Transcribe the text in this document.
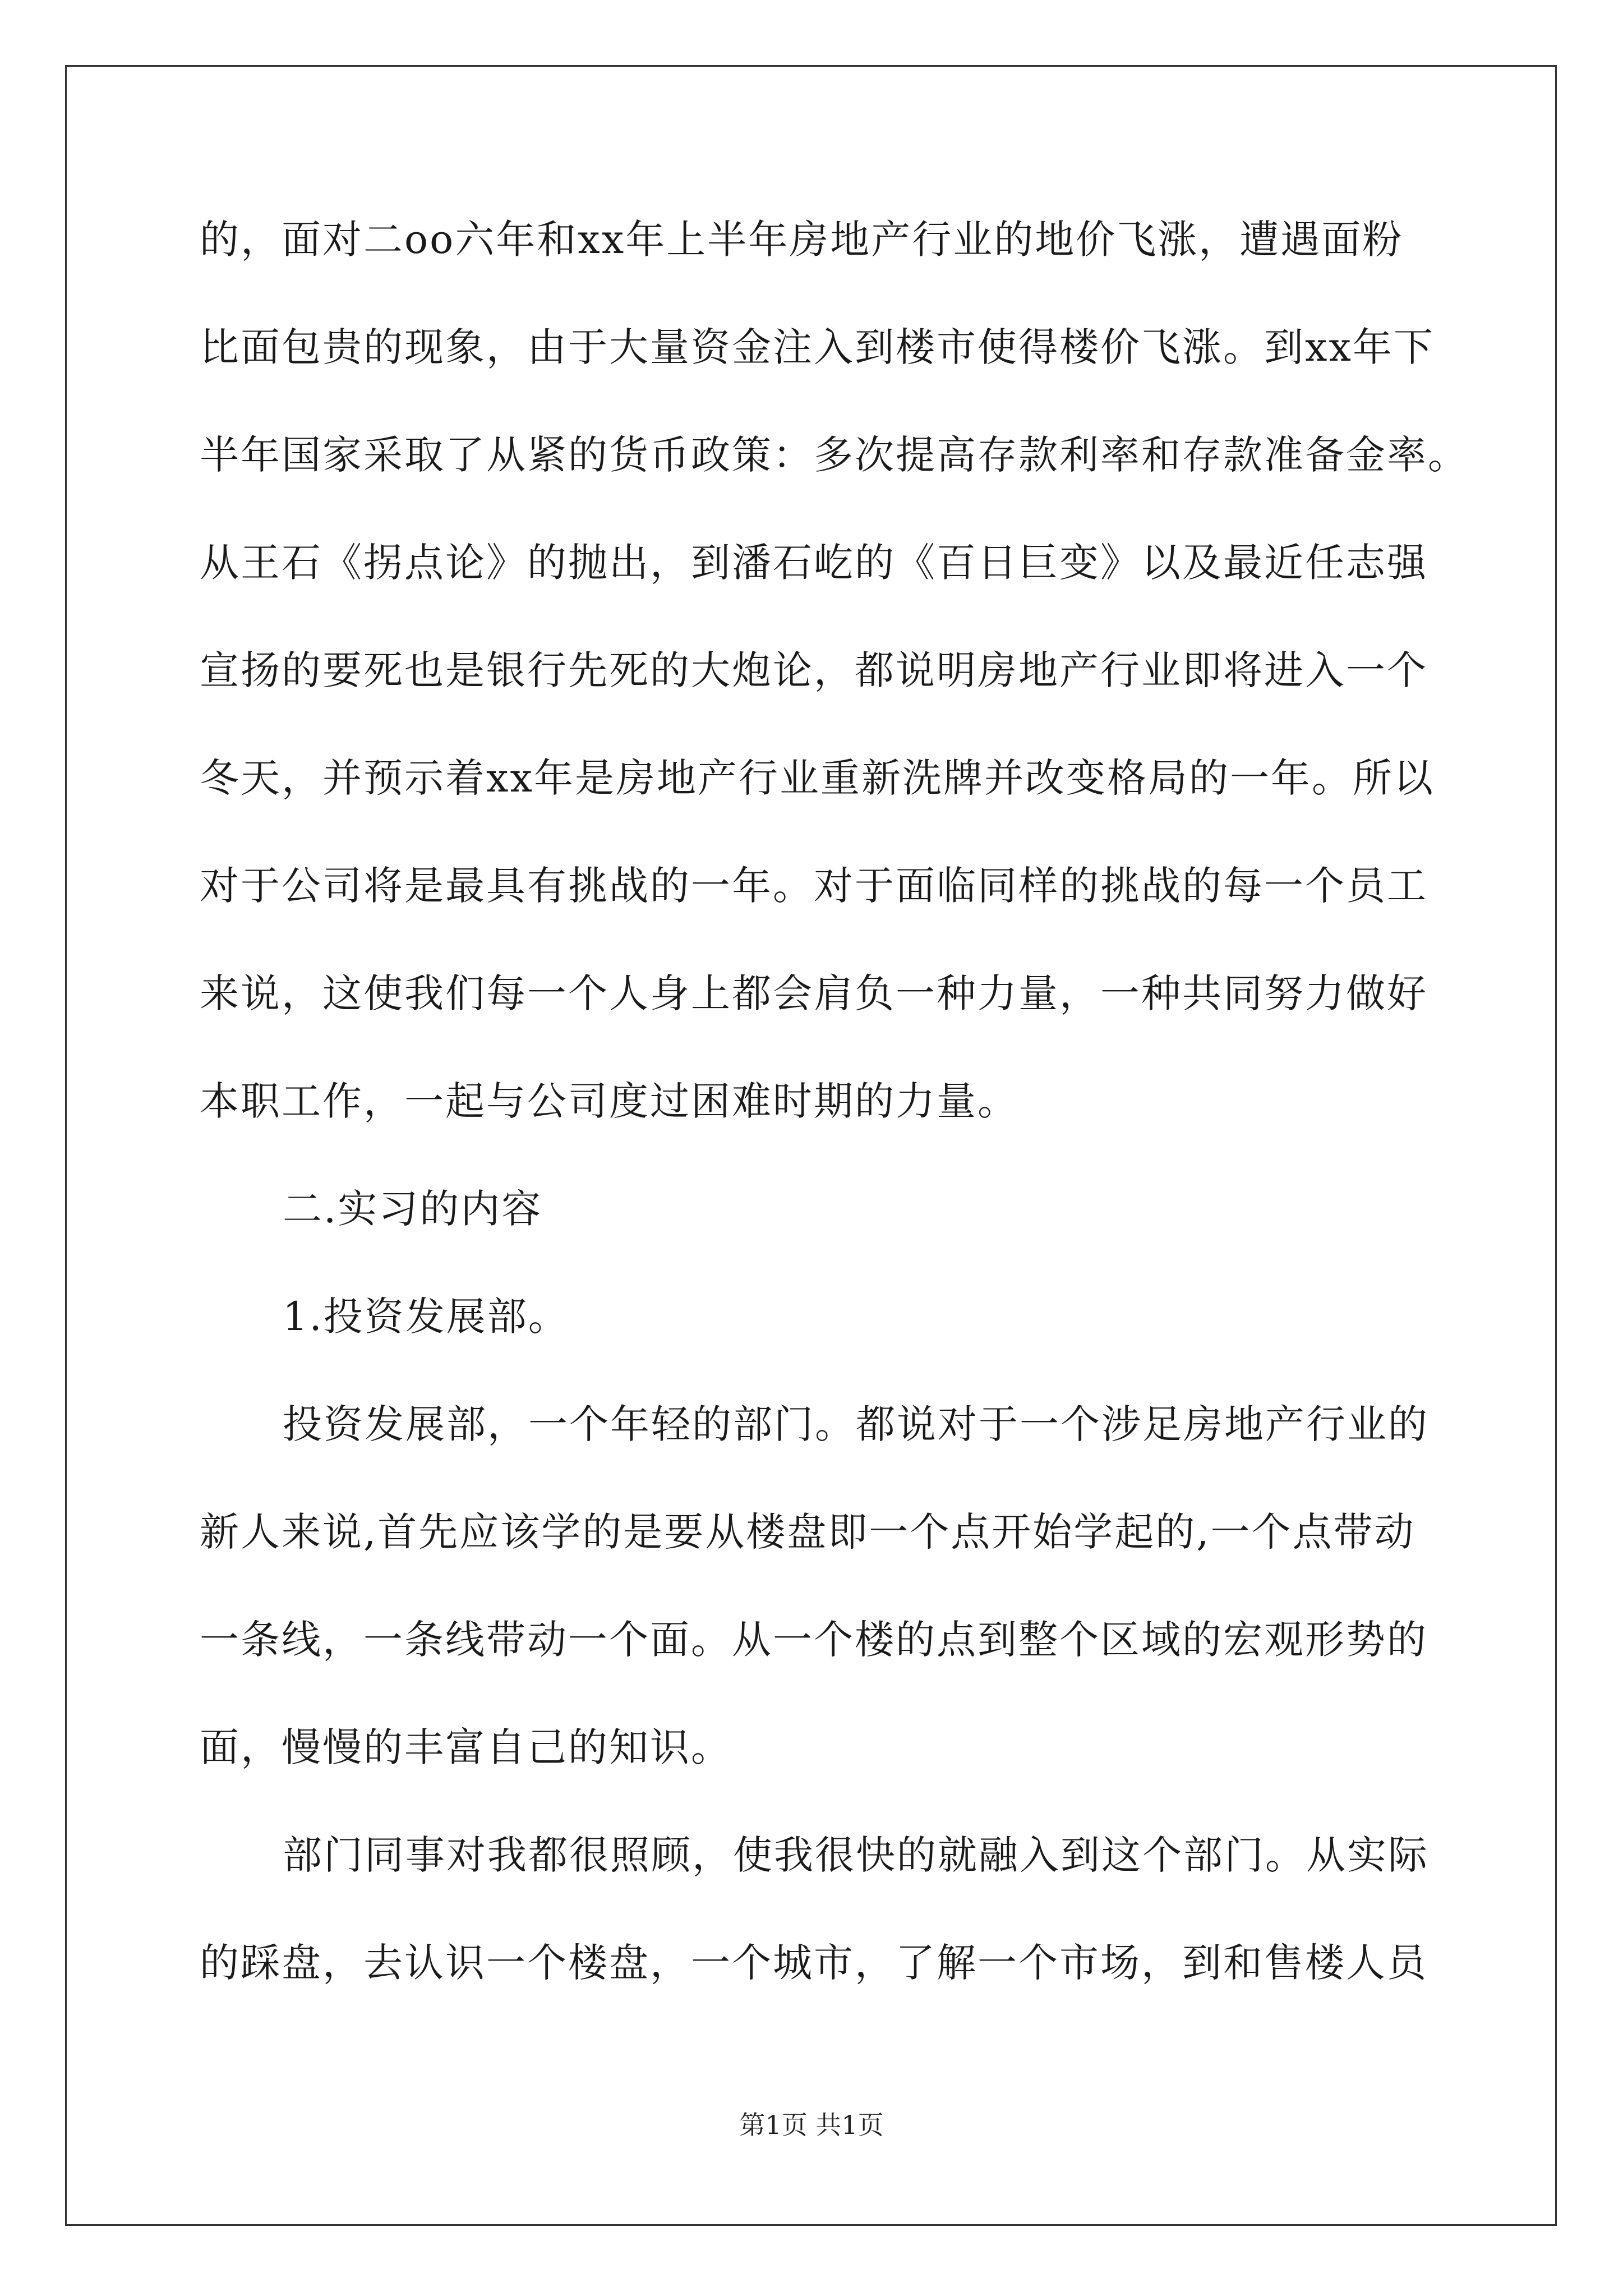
的，面对二oo六年和xx年上半年房地产行业的地价飞涨，遭遇面粉
比面包贵的现象，由于大量资金注入到楼市使得楼价飞涨。到xx年下
半年国家采取了从紧的货币政策：多次提高存款利率和存款准备金率。
从王石《拐点论》的抛出，到潘石屹的《百日巨变》以及最近任志强
宣扬的要死也是银行先死的大炮论，都说明房地产行业即将进入一个
冬天，并预示着xx年是房地产行业重新洗牌并改变格局的一年。所以
对于公司将是最具有挑战的一年。对于面临同样的挑战的每一个员工
来说，这使我们每一个人身上都会肩负一种力量，一种共同努力做好
本职工作，一起与公司度过困难时期的力量。
二.实习的内容
1.投资发展部。
投资发展部，一个年轻的部门。都说对于一个涉足房地产行业的
新人来说,首先应该学的是要从楼盘即一个点开始学起的,一个点带动
一条线，一条线带动一个面。从一个楼的点到整个区域的宏观形势的
面，慢慢的丰富自己的知识。
部门同事对我都很照顾，使我很快的就融入到这个部门。从实际
的踩盘，去认识一个楼盘，一个城市，了解一个市场，到和售楼人员
第1页 共1页
